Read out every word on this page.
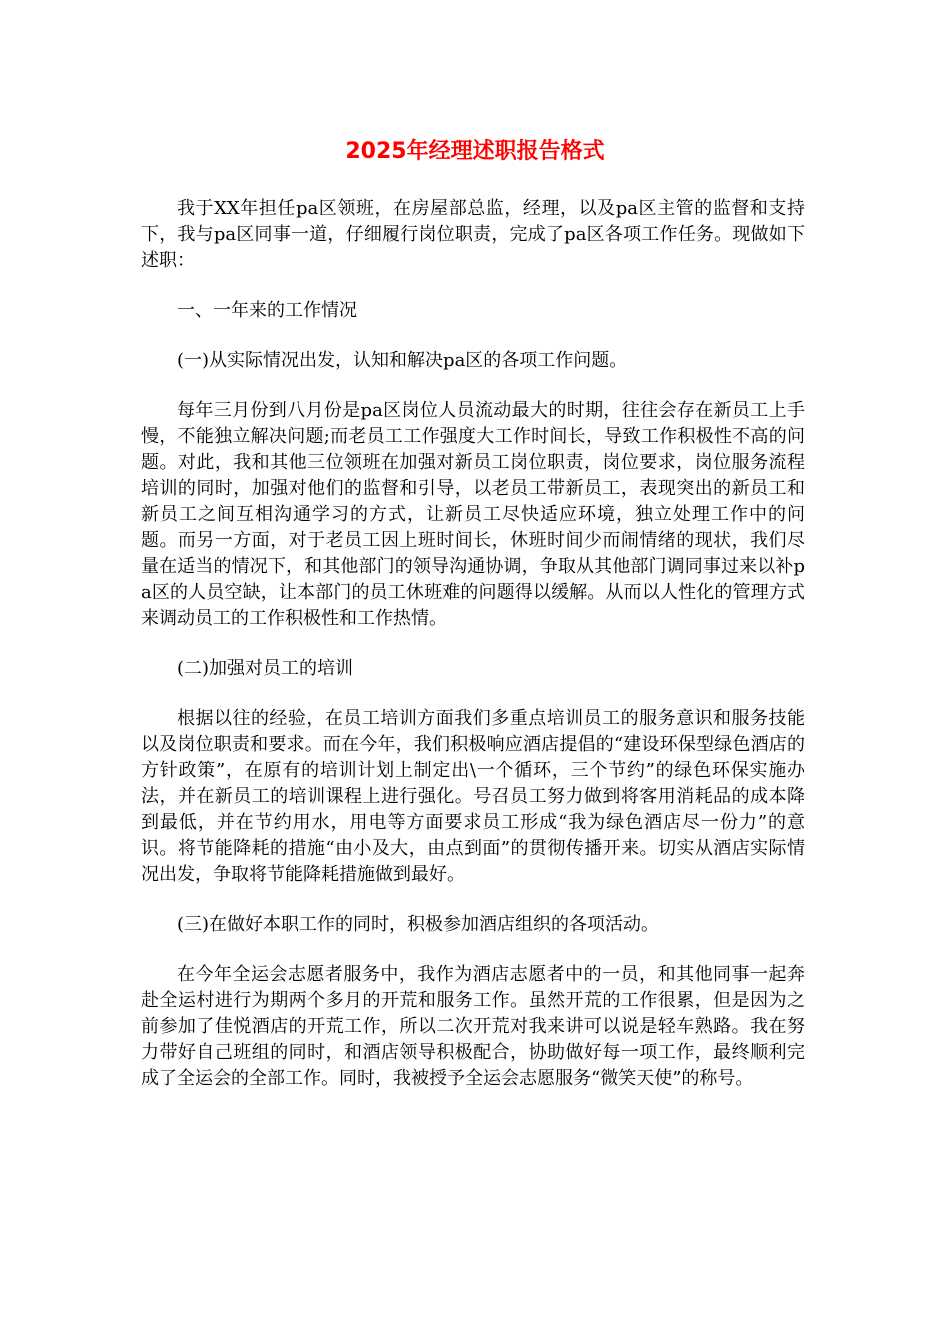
2025年经理述职报告格式

我于XX年担任pa区领班，在房屋部总监，经理，以及pa区主管的监督和支持下，我与pa区同事一道，仔细履行岗位职责，完成了pa区各项工作任务。现做如下述职：

一、一年来的工作情况

(一)从实际情况出发，认知和解决pa区的各项工作问题。

每年三月份到八月份是pa区岗位人员流动最大的时期，往往会存在新员工上手慢，不能独立解决问题;而老员工工作强度大工作时间长，导致工作积极性不高的问题。对此，我和其他三位领班在加强对新员工岗位职责，岗位要求，岗位服务流程培训的同时，加强对他们的监督和引导，以老员工带新员工，表现突出的新员工和新员工之间互相沟通学习的方式，让新员工尽快适应环境，独立处理工作中的问题。而另一方面，对于老员工因上班时间长，休班时间少而闹情绪的现状，我们尽量在适当的情况下，和其他部门的领导沟通协调，争取从其他部门调同事过来以补pa区的人员空缺，让本部门的员工休班难的问题得以缓解。从而以人性化的管理方式来调动员工的工作积极性和工作热情。

(二)加强对员工的培训

根据以往的经验，在员工培训方面我们多重点培训员工的服务意识和服务技能以及岗位职责和要求。而在今年，我们积极响应酒店提倡的“建设环保型绿色酒店的方针政策”，在原有的培训计划上制定出\一个循环，三个节约”的绿色环保实施办法，并在新员工的培训课程上进行强化。号召员工努力做到将客用消耗品的成本降到最低，并在节约用水，用电等方面要求员工形成“我为绿色酒店尽一份力”的意识。将节能降耗的措施“由小及大，由点到面”的贯彻传播开来。切实从酒店实际情况出发，争取将节能降耗措施做到最好。

(三)在做好本职工作的同时，积极参加酒店组织的各项活动。

在今年全运会志愿者服务中，我作为酒店志愿者中的一员，和其他同事一起奔赴全运村进行为期两个多月的开荒和服务工作。虽然开荒的工作很累，但是因为之前参加了佳悦酒店的开荒工作，所以二次开荒对我来讲可以说是轻车熟路。我在努力带好自己班组的同时，和酒店领导积极配合，协助做好每一项工作，最终顺利完成了全运会的全部工作。同时，我被授予全运会志愿服务“微笑天使”的称号。
